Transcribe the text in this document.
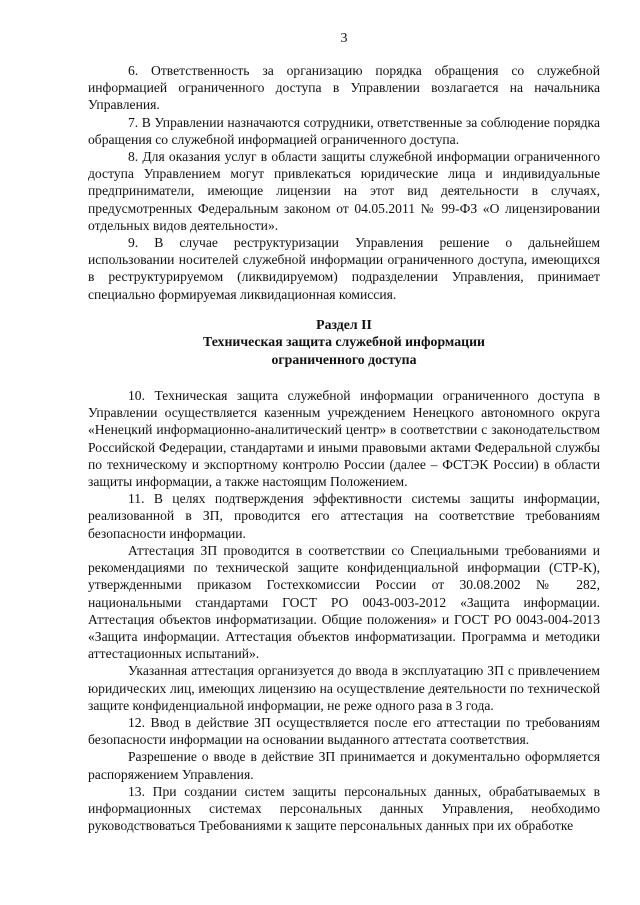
3

6. Ответственность за организацию порядка обращения со служебной информацией ограниченного доступа в Управлении возлагается на начальника Управления.

7. В Управлении назначаются сотрудники, ответственные за соблюдение порядка обращения со служебной информацией ограниченного доступа.

8. Для оказания услуг в области защиты служебной информации ограниченного доступа Управлением могут привлекаться юридические лица и индивидуальные предприниматели, имеющие лицензии на этот вид деятельности в случаях, предусмотренных Федеральным законом от 04.05.2011 № 99-ФЗ «О лицензировании отдельных видов деятельности».

9. В случае реструктуризации Управления решение о дальнейшем использовании носителей служебной информации ограниченного доступа, имеющихся в реструктурируемом (ликвидируемом) подразделении Управления, принимает специально формируемая ликвидационная комиссия.

Раздел II
Техническая защита служебной информации
ограниченного доступа

10. Техническая защита служебной информации ограниченного доступа в Управлении осуществляется казенным учреждением Ненецкого автономного округа «Ненецкий информационно-аналитический центр» в соответствии с законодательством Российской Федерации, стандартами и иными правовыми актами Федеральной службы по техническому и экспортному контролю России (далее – ФСТЭК России) в области защиты информации, а также настоящим Положением.

11. В целях подтверждения эффективности системы защиты информации, реализованной в ЗП, проводится его аттестация на соответствие требованиям безопасности информации.

Аттестация ЗП проводится в соответствии со Специальными требованиями и рекомендациями по технической защите конфиденциальной информации (СТР-К), утвержденными приказом Гостехкомиссии России от 30.08.2002 № 282, национальными стандартами ГОСТ РО 0043-003-2012 «Защита информации. Аттестация объектов информатизации. Общие положения» и ГОСТ РО 0043-004-2013 «Защита информации. Аттестация объектов информатизации. Программа и методики аттестационных испытаний».

Указанная аттестация организуется до ввода в эксплуатацию ЗП с привлечением юридических лиц, имеющих лицензию на осуществление деятельности по технической защите конфиденциальной информации, не реже одного раза в 3 года.

12. Ввод в действие ЗП осуществляется после его аттестации по требованиям безопасности информации на основании выданного аттестата соответствия.

Разрешение о вводе в действие ЗП принимается и документально оформляется распоряжением Управления.

13. При создании систем защиты персональных данных, обрабатываемых в информационных системах персональных данных Управления, необходимо руководствоваться Требованиями к защите персональных данных при их обработке
